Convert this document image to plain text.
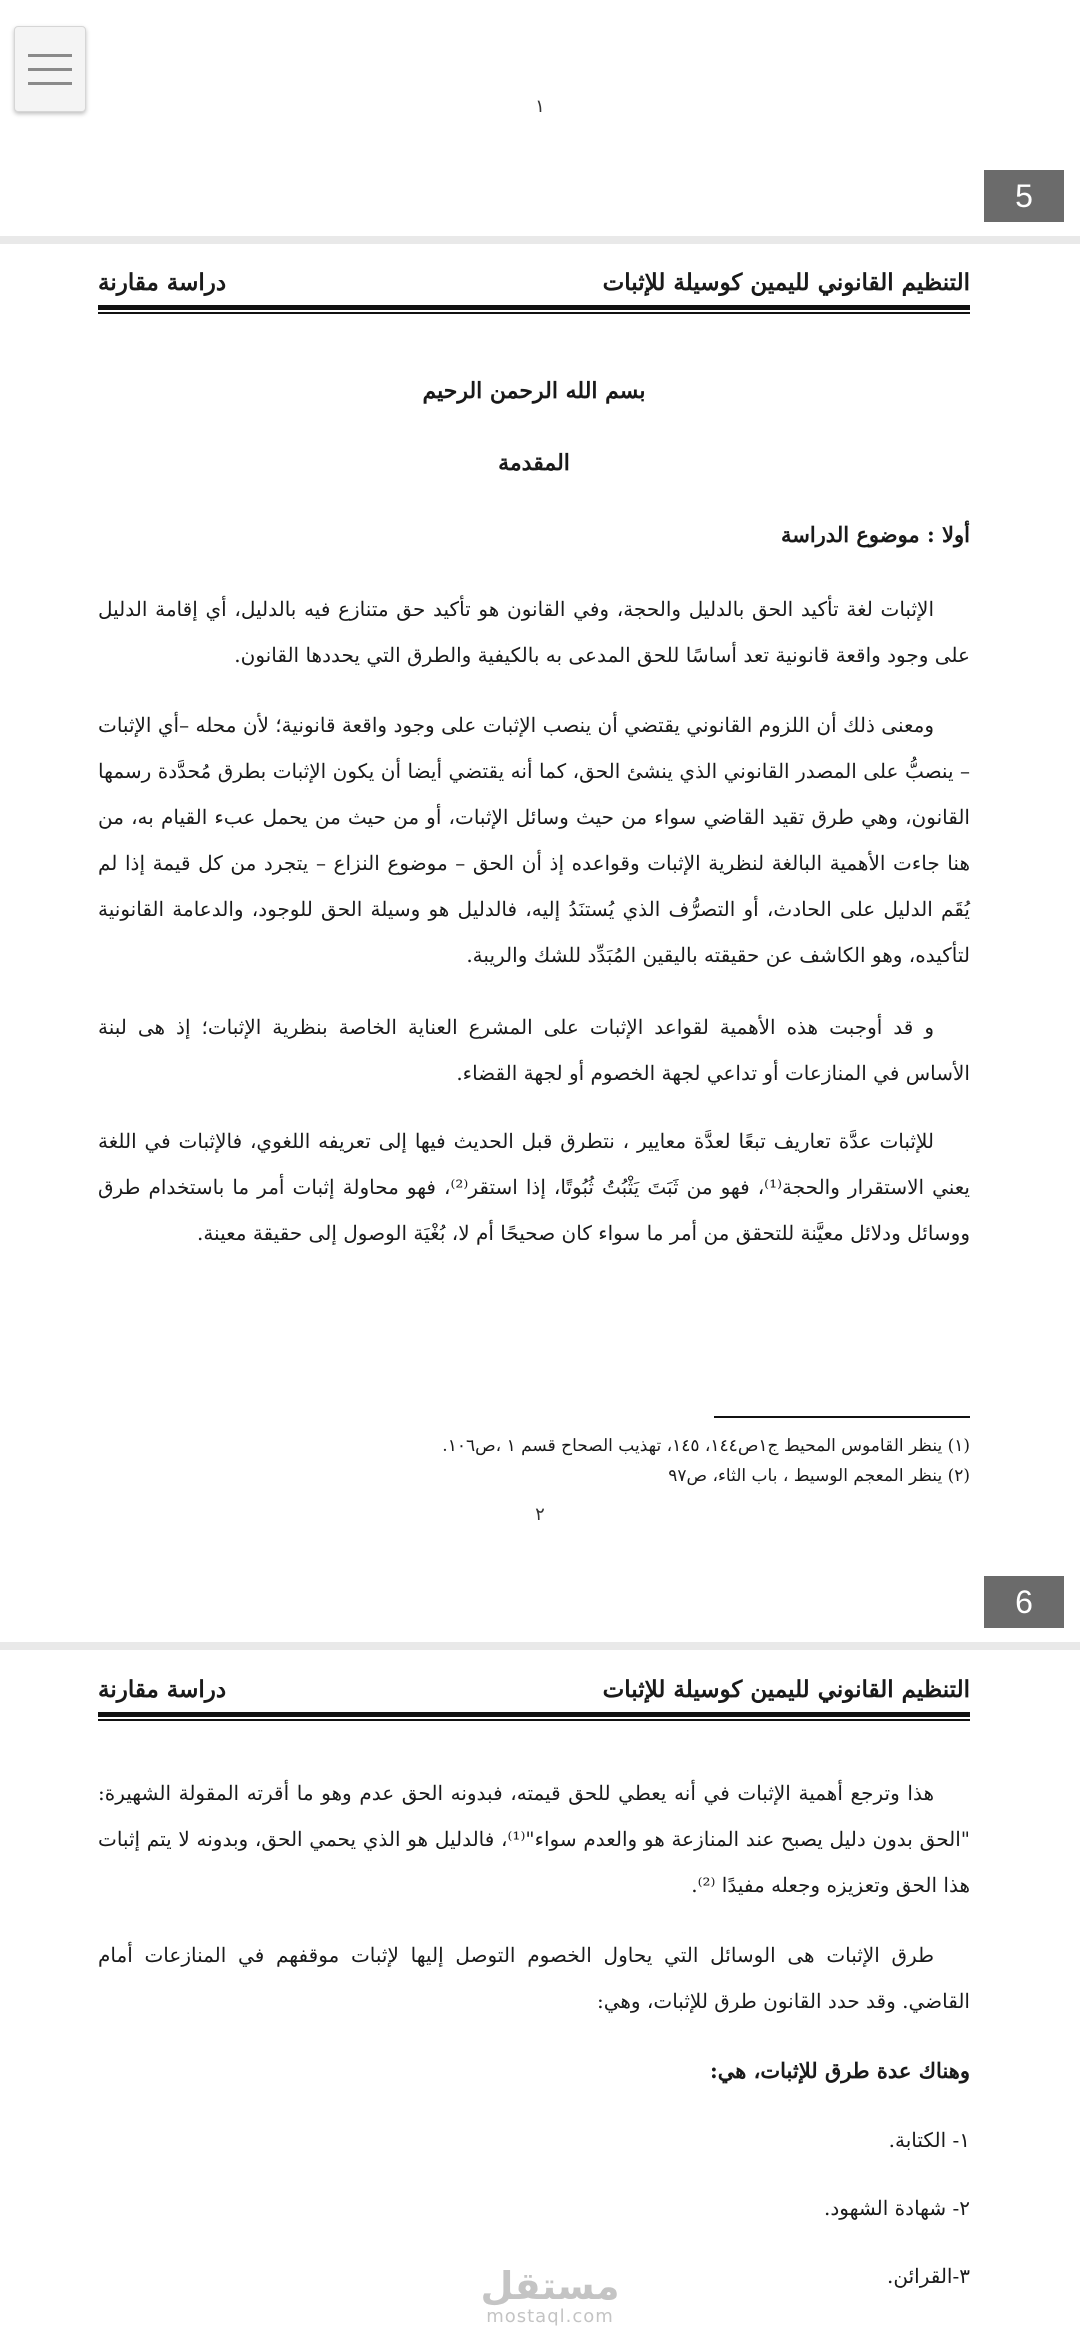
١
5
التنظيم القانوني لليمين كوسيلة للإثبات
دراسة مقارنة
بسم الله الرحمن الرحيم
المقدمة
أولا : موضوع الدراسة
الإثبات لغة تأكيد الحق بالدليل والحجة، وفي القانون هو تأكيد حق متنازع فيه بالدليل، أي إقامة الدليل على وجود واقعة قانونية تعد أساسًا للحق المدعى به بالكيفية والطرق التي يحددها القانون.
ومعنى ذلك أن اللزوم القانوني يقتضي أن ينصب الإثبات على وجود واقعة قانونية؛ لأن محله –أي الإثبات – ينصبُّ على المصدر القانوني الذي ينشئ الحق، كما أنه يقتضي أيضا أن يكون الإثبات بطرق مُحدَّدة رسمها القانون، وهي طرق تقيد القاضي سواء من حيث وسائل الإثبات، أو من حيث من يحمل عبء القيام به، من هنا جاءت الأهمية البالغة لنظرية الإثبات وقواعده إذ أن الحق – موضوع النزاع – يتجرد من كل قيمة إذا لم يُقَم الدليل على الحادث، أو التصرُّف الذي يُستنَدُ إليه، فالدليل هو وسيلة الحق للوجود، والدعامة القانونية لتأكيده، وهو الكاشف عن حقيقته باليقين المُبَدِّد للشك والريبة.
و قد أوجبت هذه الأهمية لقواعد الإثبات على المشرع العناية الخاصة بنظرية الإثبات؛ إذ هى لبنة الأساس في المنازعات أو تداعي لجهة الخصوم أو لجهة القضاء.
للإثبات عدَّة تعاريف تبعًا لعدَّة معايير ، نتطرق قبل الحديث فيها إلى تعريفه اللغوي، فالإثبات في اللغة يعني الاستقرار والحجة⁽¹⁾، فهو من ثَبَتَ يَثْبُتُ ثُبُوتًا، إذا استقر⁽²⁾، فهو محاولة إثبات أمر ما باستخدام طرق ووسائل ودلائل معيَّنة للتحقق من أمر ما سواء كان صحيحًا أم لا، بُغْيَة الوصول إلى حقيقة معينة.
(١) ينظر القاموس المحيط ج١ص١٤٤، ١٤٥، تهذيب الصحاح قسم ١ ،ص١٠٦.
(٢) ينظر المعجم الوسيط ، باب الثاء، ص٩٧
٢
6
التنظيم القانوني لليمين كوسيلة للإثبات
دراسة مقارنة
هذا وترجع أهمية الإثبات في أنه يعطي للحق قيمته، فبدونه الحق عدم وهو ما أقرته المقولة الشهيرة: "الحق بدون دليل يصبح عند المنازعة هو والعدم سواء"⁽¹⁾، فالدليل هو الذي يحمي الحق، وبدونه لا يتم إثبات هذا الحق وتعزيزه وجعله مفيدًا ⁽²⁾.
طرق الإثبات هى الوسائل التي يحاول الخصوم التوصل إليها لإثبات موقفهم في المنازعات أمام القاضي. وقد حدد القانون طرق للإثبات، وهي:
وهناك عدة طرق للإثبات، هي:
١- الكتابة.
٢- شهادة الشهود.
٣-القرائن.
مستقل
mostaql.com
